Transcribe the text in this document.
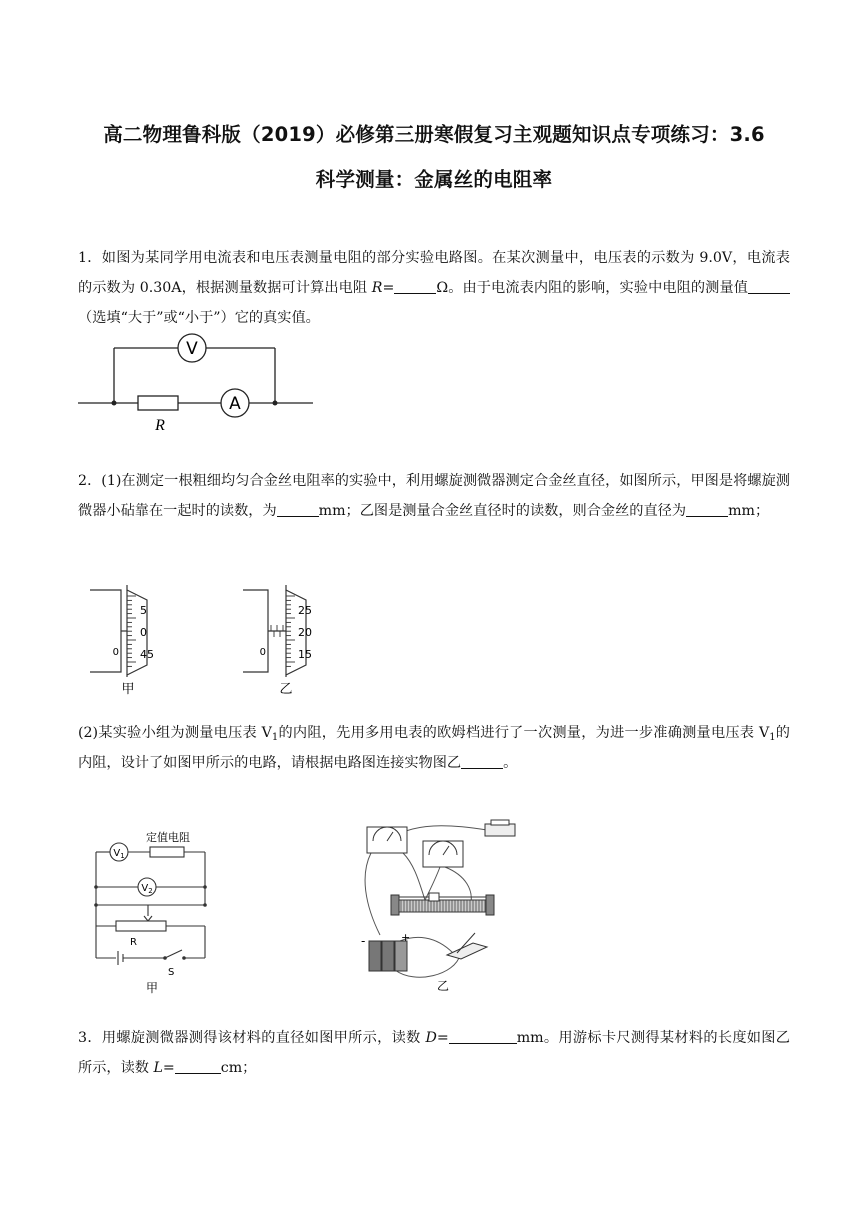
高二物理鲁科版（2019）必修第三册寒假复习主观题知识点专项练习：3.6
科学测量：金属丝的电阻率
1．如图为某同学用电流表和电压表测量电阻的部分实验电路图。在某次测量中，电压表的示数为 9.0V，电流表的示数为 0.30A，根据测量数据可计算出电阻 R=	Ω。由于电流表内阻的影响，实验中电阻的测量值（选填“大于”或“小于”）它的真实值。
V
A
R
2．(1)在测定一根粗细均匀合金丝电阻率的实验中，利用螺旋测微器测定合金丝直径，如图所示，甲图是将螺旋测微器小砧靠在一起时的读数，为	mm；乙图是测量合金丝直径时的读数，则合金丝的直径为	mm；
5
0
45
0
甲
25
20
15
0
乙
(2)某实验小组为测量电压表 $V_1$的内阻，先用多用电表的欧姆档进行了一次测量，为进一步准确测量电压表 $V_1$的内阻，设计了如图甲所示的电路，请根据电路图连接实物图乙	。
定值电阻
$V_1$
$V_2$
R
S
甲
-	+
乙
3．用螺旋测微器测得该材料的直径如图甲所示，读数 D=	mm。用游标卡尺测得某材料的长度如图乙所示，读数 L=	cm；
